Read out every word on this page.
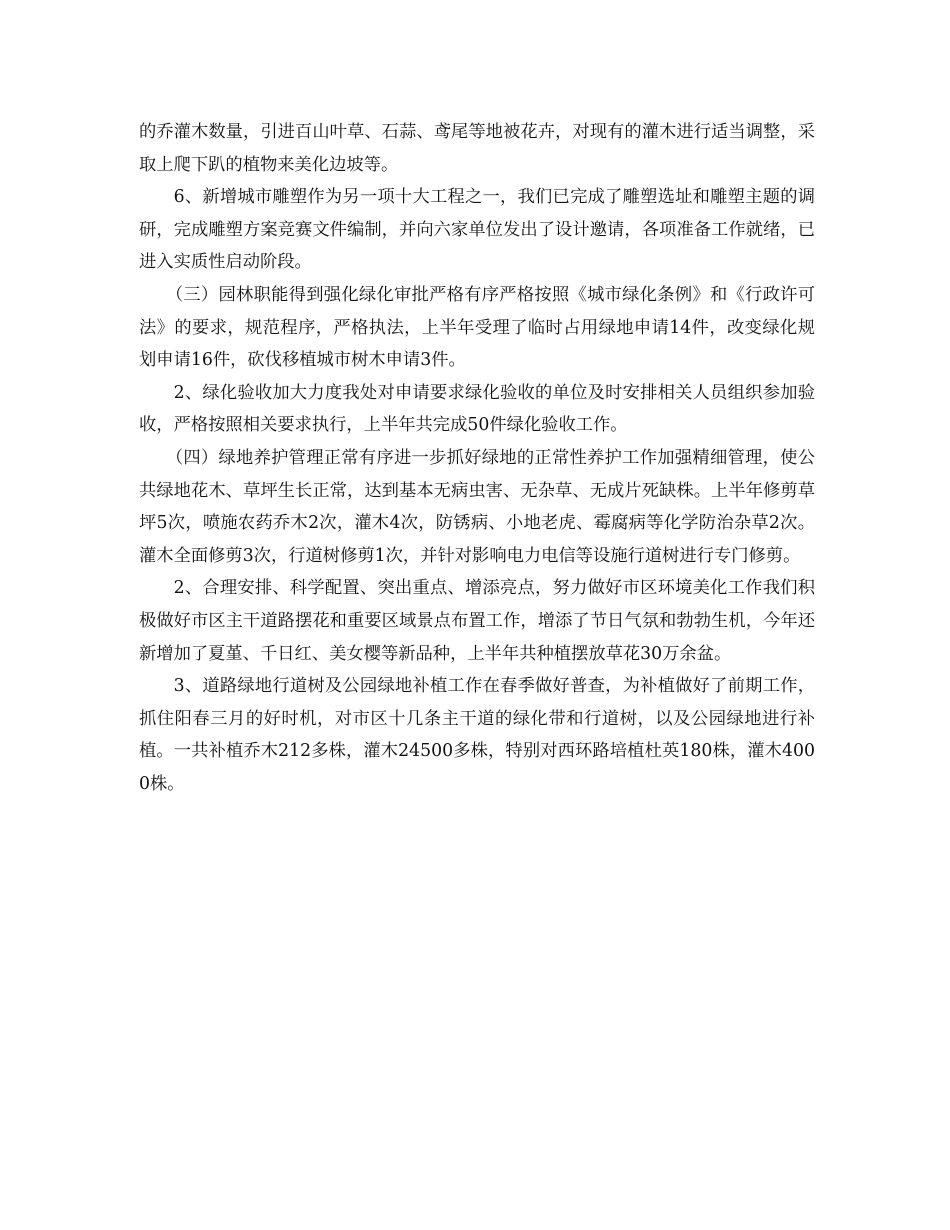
的乔灌木数量，引进百山叶草、石蒜、鸢尾等地被花卉，对现有的灌木进行适当调整，采取上爬下趴的植物来美化边坡等。

6、新增城市雕塑作为另一项十大工程之一，我们已完成了雕塑选址和雕塑主题的调研，完成雕塑方案竞赛文件编制，并向六家单位发出了设计邀请，各项准备工作就绪，已进入实质性启动阶段。

（三）园林职能得到强化绿化审批严格有序严格按照《城市绿化条例》和《行政许可法》的要求，规范程序，严格执法，上半年受理了临时占用绿地申请14件，改变绿化规划申请16件，砍伐移植城市树木申请3件。

2、绿化验收加大力度我处对申请要求绿化验收的单位及时安排相关人员组织参加验收，严格按照相关要求执行，上半年共完成50件绿化验收工作。

（四）绿地养护管理正常有序进一步抓好绿地的正常性养护工作加强精细管理，使公共绿地花木、草坪生长正常，达到基本无病虫害、无杂草、无成片死缺株。上半年修剪草坪5次，喷施农药乔木2次，灌木4次，防锈病、小地老虎、霉腐病等化学防治杂草2次。灌木全面修剪3次，行道树修剪1次，并针对影响电力电信等设施行道树进行专门修剪。

2、合理安排、科学配置、突出重点、增添亮点，努力做好市区环境美化工作我们积极做好市区主干道路摆花和重要区域景点布置工作，增添了节日气氛和勃勃生机，今年还新增加了夏堇、千日红、美女樱等新品种，上半年共种植摆放草花30万余盆。

3、道路绿地行道树及公园绿地补植工作在春季做好普查，为补植做好了前期工作，抓住阳春三月的好时机，对市区十几条主干道的绿化带和行道树，以及公园绿地进行补植。一共补植乔木212多株，灌木24500多株，特别对西环路培植杜英180株，灌木4000株。
